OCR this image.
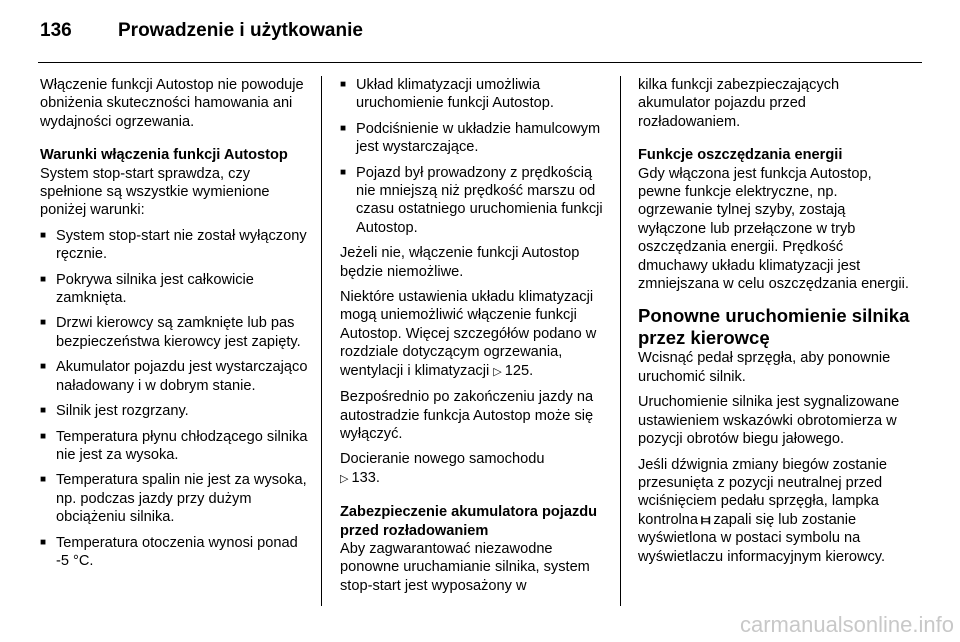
136	Prowadzenie i użytkowanie

Włączenie funkcji Autostop nie powoduje obniżenia skuteczności hamowania ani wydajności ogrzewania.

Warunki włączenia funkcji Autostop

System stop-start sprawdza, czy spełnione są wszystkie wymienione poniżej warunki:

■ System stop-start nie został wyłączony ręcznie.
■ Pokrywa silnika jest całkowicie zamknięta.
■ Drzwi kierowcy są zamknięte lub pas bezpieczeństwa kierowcy jest zapięty.
■ Akumulator pojazdu jest wystarczająco naładowany i w dobrym stanie.
■ Silnik jest rozgrzany.
■ Temperatura płynu chłodzącego silnika nie jest za wysoka.
■ Temperatura spalin nie jest za wysoka, np. podczas jazdy przy dużym obciążeniu silnika.
■ Temperatura otoczenia wynosi ponad -5 °C.
■ Układ klimatyzacji umożliwia uruchomienie funkcji Autostop.
■ Podciśnienie w układzie hamulcowym jest wystarczające.
■ Pojazd był prowadzony z prędkością nie mniejszą niż prędkość marszu od czasu ostatniego uruchomienia funkcji Autostop.

Jeżeli nie, włączenie funkcji Autostop będzie niemożliwe.

Niektóre ustawienia układu klimatyzacji mogą uniemożliwić włączenie funkcji Autostop. Więcej szczegółów podano w rozdziale dotyczącym ogrzewania, wentylacji i klimatyzacji ▷ 125.

Bezpośrednio po zakończeniu jazdy na autostradzie funkcja Autostop może się wyłączyć.

Docieranie nowego samochodu
▷ 133.

Zabezpieczenie akumulatora pojazdu przed rozładowaniem

Aby zagwarantować niezawodne ponowne uruchamianie silnika, system stop-start jest wyposażony w

kilka funkcji zabezpieczających akumulator pojazdu przed rozładowaniem.

Funkcje oszczędzania energii

Gdy włączona jest funkcja Autostop, pewne funkcje elektryczne, np. ogrzewanie tylnej szyby, zostają wyłączone lub przełączone w tryb oszczędzania energii. Prędkość dmuchawy układu klimatyzacji jest zmniejszana w celu oszczędzania energii.

Ponowne uruchomienie silnika przez kierowcę

Wcisnąć pedał sprzęgła, aby ponownie uruchomić silnik.

Uruchomienie silnika jest sygnalizowane ustawieniem wskazówki obrotomierza w pozycji obrotów biegu jałowego.

Jeśli dźwignia zmiany biegów zostanie przesunięta z pozycji neutralnej przed wciśnięciem pedału sprzęgła, lampka kontrolna ⧦ zapali się lub zostanie wyświetlona w postaci symbolu na wyświetlaczu informacyjnym kierowcy.

carmanualsonline.info
